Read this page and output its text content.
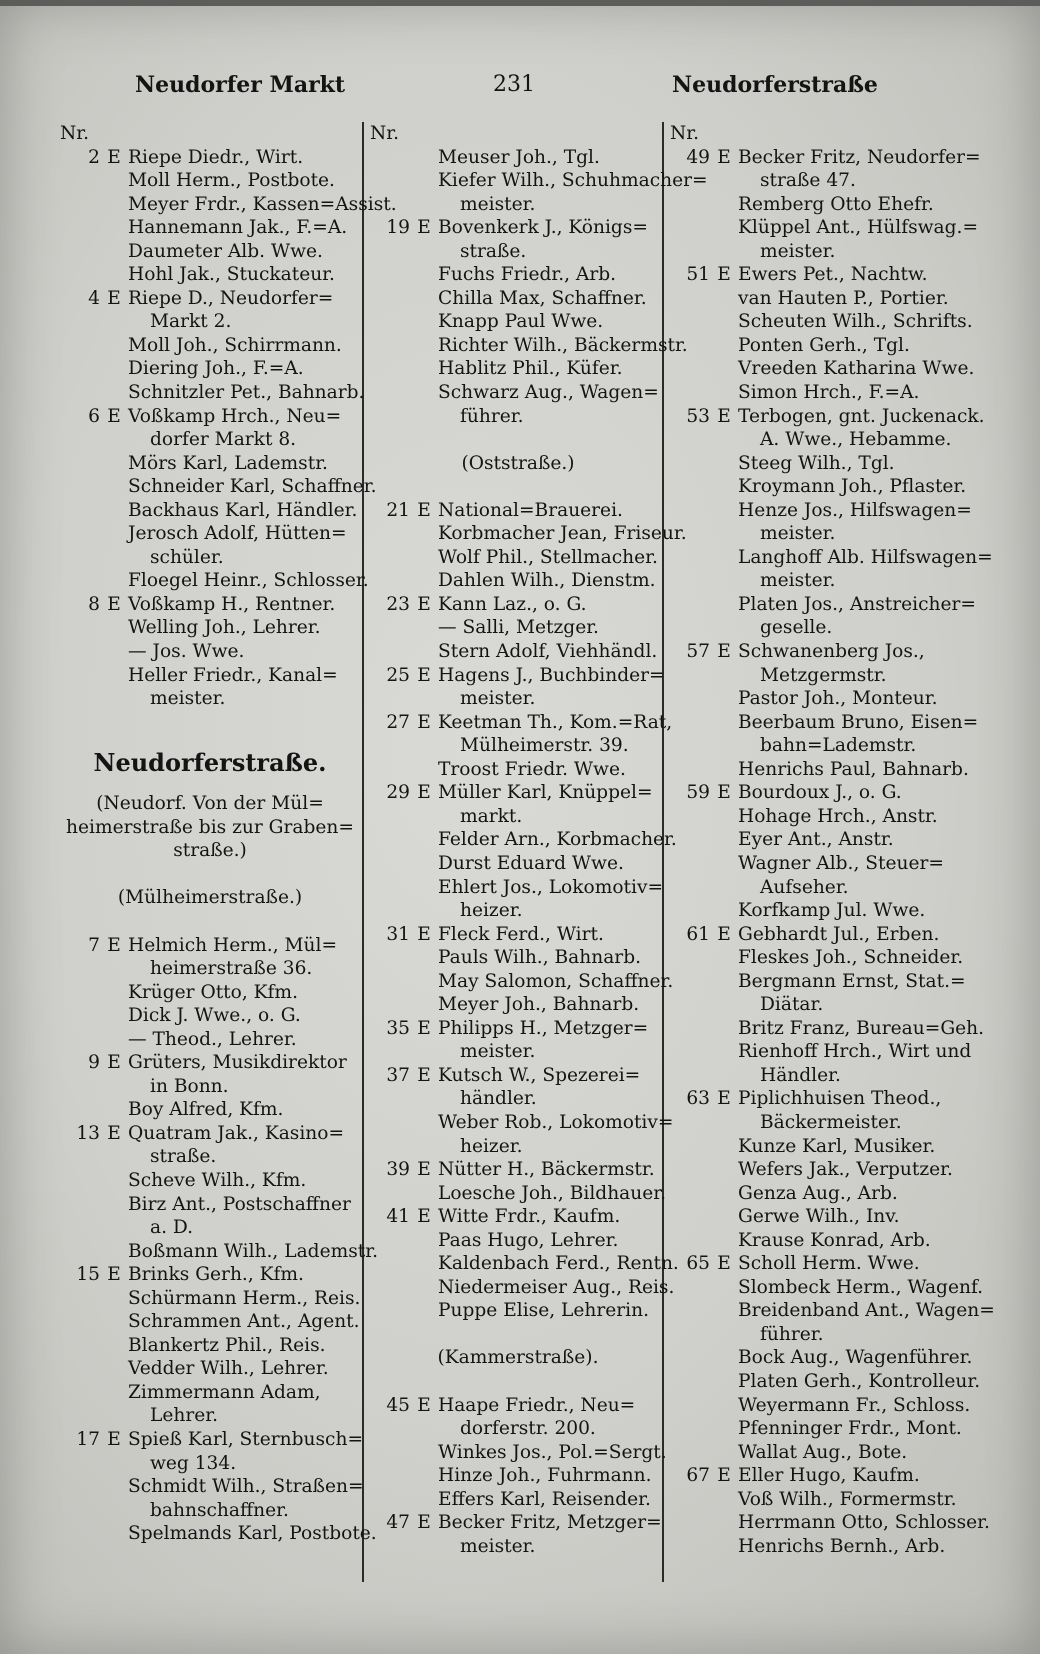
Neudorfer Markt	231	Neudorferstraße
Nr.
2 E Riepe Diedr., Wirt.
Moll Herm., Postbote.
Meyer Frdr., Kassen=Assist.
Hannemann Jak., F.=A.
Daumeter Alb. Wwe.
Hohl Jak., Stuckateur.
4 E Riepe D., Neudorfer=
Markt 2.
Moll Joh., Schirrmann.
Diering Joh., F.=A.
Schnitzler Pet., Bahnarb.
6 E Voßkamp Hrch., Neu=
dorfer Markt 8.
Mörs Karl, Lademstr.
Schneider Karl, Schaffner.
Backhaus Karl, Händler.
Jerosch Adolf, Hütten=
schüler.
Floegel Heinr., Schlosser.
8 E Voßkamp H., Rentner.
Welling Joh., Lehrer.
— Jos. Wwe.
Heller Friedr., Kanal=
meister.
Neudorferstraße.
(Neudorf. Von der Mül=
heimerstraße bis zur Graben=
straße.)
(Mülheimerstraße.)
7 E Helmich Herm., Mül=
heimerstraße 36.
Krüger Otto, Kfm.
Dick J. Wwe., o. G.
— Theod., Lehrer.
9 E Grüters, Musikdirektor
in Bonn.
Boy Alfred, Kfm.
13 E Quatram Jak., Kasino=
straße.
Scheve Wilh., Kfm.
Birz Ant., Postschaffner
a. D.
Boßmann Wilh., Lademstr.
15 E Brinks Gerh., Kfm.
Schürmann Herm., Reis.
Schrammen Ant., Agent.
Blankertz Phil., Reis.
Vedder Wilh., Lehrer.
Zimmermann Adam,
Lehrer.
17 E Spieß Karl, Sternbusch=
weg 134.
Schmidt Wilh., Straßen=
bahnschaffner.
Spelmands Karl, Postbote.
Nr.
Meuser Joh., Tgl.
Kiefer Wilh., Schuhmacher=
meister.
19 E Bovenkerk J., Königs=
straße.
Fuchs Friedr., Arb.
Chilla Max, Schaffner.
Knapp Paul Wwe.
Richter Wilh., Bäckermstr.
Hablitz Phil., Küfer.
Schwarz Aug., Wagen=
führer.
(Oststraße.)
21 E National=Brauerei.
Korbmacher Jean, Friseur.
Wolf Phil., Stellmacher.
Dahlen Wilh., Dienstm.
23 E Kann Laz., o. G.
— Salli, Metzger.
Stern Adolf, Viehhändl.
25 E Hagens J., Buchbinder=
meister.
27 E Keetman Th., Kom.=Rat,
Mülheimerstr. 39.
Troost Friedr. Wwe.
29 E Müller Karl, Knüppel=
markt.
Felder Arn., Korbmacher.
Durst Eduard Wwe.
Ehlert Jos., Lokomotiv=
heizer.
31 E Fleck Ferd., Wirt.
Pauls Wilh., Bahnarb.
May Salomon, Schaffner.
Meyer Joh., Bahnarb.
35 E Philipps H., Metzger=
meister.
37 E Kutsch W., Spezerei=
händler.
Weber Rob., Lokomotiv=
heizer.
39 E Nütter H., Bäckermstr.
Loesche Joh., Bildhauer.
41 E Witte Frdr., Kaufm.
Paas Hugo, Lehrer.
Kaldenbach Ferd., Rentn.
Niedermeiser Aug., Reis.
Puppe Elise, Lehrerin.
(Kammerstraße).
45 E Haape Friedr., Neu=
dorferstr. 200.
Winkes Jos., Pol.=Sergt.
Hinze Joh., Fuhrmann.
Effers Karl, Reisender.
47 E Becker Fritz, Metzger=
meister.
Nr.
49 E Becker Fritz, Neudorfer=
straße 47.
Remberg Otto Ehefr.
Klüppel Ant., Hülfswag.=
meister.
51 E Ewers Pet., Nachtw.
van Hauten P., Portier.
Scheuten Wilh., Schrifts.
Ponten Gerh., Tgl.
Vreeden Katharina Wwe.
Simon Hrch., F.=A.
53 E Terbogen, gnt. Juckenack.
A. Wwe., Hebamme.
Steeg Wilh., Tgl.
Kroymann Joh., Pflaster.
Henze Jos., Hilfswagen=
meister.
Langhoff Alb. Hilfswagen=
meister.
Platen Jos., Anstreicher=
geselle.
57 E Schwanenberg Jos.,
Metzgermstr.
Pastor Joh., Monteur.
Beerbaum Bruno, Eisen=
bahn=Lademstr.
Henrichs Paul, Bahnarb.
59 E Bourdoux J., o. G.
Hohage Hrch., Anstr.
Eyer Ant., Anstr.
Wagner Alb., Steuer=
Aufseher.
Korfkamp Jul. Wwe.
61 E Gebhardt Jul., Erben.
Fleskes Joh., Schneider.
Bergmann Ernst, Stat.=
Diätar.
Britz Franz, Bureau=Geh.
Rienhoff Hrch., Wirt und
Händler.
63 E Piplichhuisen Theod.,
Bäckermeister.
Kunze Karl, Musiker.
Wefers Jak., Verputzer.
Genza Aug., Arb.
Gerwe Wilh., Inv.
Krause Konrad, Arb.
65 E Scholl Herm. Wwe.
Slombeck Herm., Wagenf.
Breidenband Ant., Wagen=
führer.
Bock Aug., Wagenführer.
Platen Gerh., Kontrolleur.
Weyermann Fr., Schloss.
Pfenninger Frdr., Mont.
Wallat Aug., Bote.
67 E Eller Hugo, Kaufm.
Voß Wilh., Formermstr.
Herrmann Otto, Schlosser.
Henrichs Bernh., Arb.
